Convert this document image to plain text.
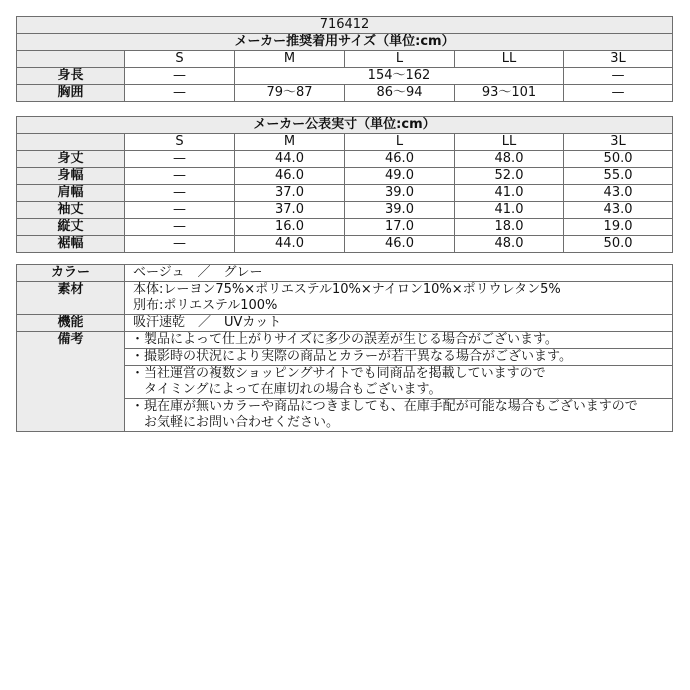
716412					
メーカー推奨着用サイズ（単位:cm）					
	S	M	L	LL	3L
身長	—	154〜162			—
胸囲	—	79〜87	86〜94	93〜101	—
メーカー公表実寸（単位:cm）					
	S	M	L	LL	3L
身丈	—	44.0	46.0	48.0	50.0
身幅	—	46.0	49.0	52.0	55.0
肩幅	—	37.0	39.0	41.0	43.0
袖丈	—	37.0	39.0	41.0	43.0
縦丈	—	16.0	17.0	18.0	19.0
裾幅	—	44.0	46.0	48.0	50.0
カラー	ベージュ　／　グレー
素材	本体:レーヨン75%×ポリエステル10%×ナイロン10%×ポリウレタン5%
別布:ポリエステル100%

機能	吸汗速乾　／　UVカット
備考	・製品によって仕上がりサイズに多少の誤差が生じる場合がございます。

	・撮影時の状況により実際の商品とカラーが若干異なる場合がございます。

	・当社運営の複数ショッピングサイトでも同商品を掲載していますので
　タイミングによって在庫切れの場合もございます。

	・現在庫が無いカラーや商品につきましても、在庫手配が可能な場合もございますので
　お気軽にお問い合わせください。
